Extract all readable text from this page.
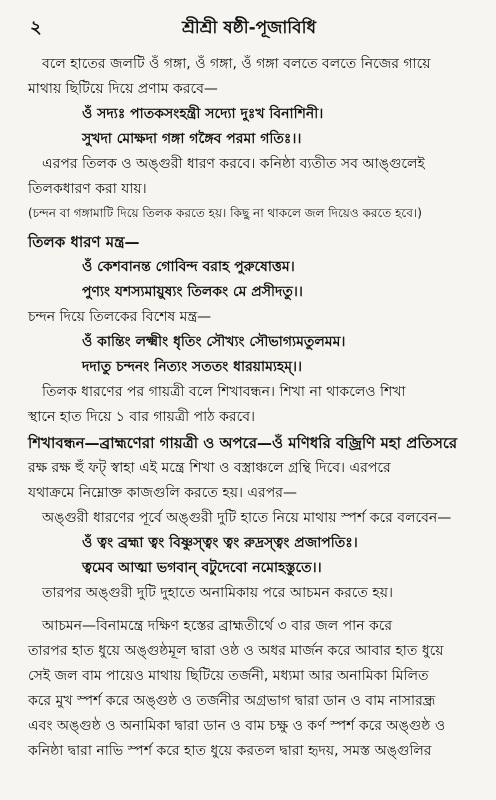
২	শ্রীশ্রী ষষ্ঠী-পূজাবিধি
বলে হাতের জলটি ওঁ গঙ্গা, ওঁ গঙ্গা, ওঁ গঙ্গা বলতে বলতে নিজের গায়ে
মাথায় ছিটিয়ে দিয়ে প্রণাম করবে—
ওঁ সদ্যঃ পাতকসংহন্ত্রী সদ্যো দুঃখ বিনাশিনী।
সুখদা মোক্ষদা গঙ্গা গঙ্গৈব পরমা গতিঃ।।
এরপর তিলক ও অঙ্গুরী ধারণ করবে। কনিষ্ঠা ব্যতীত সব আঙ্গুলেই
তিলকধারণ করা যায়।
(চন্দন বা গঙ্গামাটি দিয়ে তিলক করতে হয়। কিছু না থাকলে জল দিয়েও করতে হবে।)
তিলক ধারণ মন্ত্র—
ওঁ কেশবানন্ত গোবিন্দ বরাহ পুরুষোত্তম।
পুণ্যং যশস্যমায়ুষ্যং তিলকং মে প্রসীদতু।।
চন্দন দিয়ে তিলকের বিশেষ মন্ত্র—
ওঁ কান্তিং লক্ষ্মীং ধৃতিং সৌখ্যং সৌভাগ্যমতুলমম।
দদাতু চন্দনং নিত্যং সততং ধারয়াম্যহম্।।
তিলক ধারণের পর গায়ত্রী বলে শিখাবন্ধন। শিখা না থাকলেও শিখা
স্থানে হাত দিয়ে ১ বার গায়ত্রী পাঠ করবে।
শিখাবন্ধন—ব্রাহ্মণেরা গায়ত্রী ও অপরে—ওঁ মণিধরি বজ্রিণি মহা প্রতিসরে
রক্ষ রক্ষ হুঁ ফট্ স্বাহা এই মন্ত্রে শিখা ও বস্ত্রাঞ্চলে গ্রন্থি দিবে। এরপরে
যথাক্রমে নিম্নোক্ত কাজগুলি করতে হয়। এরপর—
অঙ্গুরী ধারণের পূর্বে অঙ্গুরী দুটি হাতে নিয়ে মাথায় স্পর্শ করে বলবেন—
ওঁ ত্বং ব্রহ্মা ত্বং বিষ্ণুস্ত্বং ত্বং রুদ্রস্ত্বং প্রজাপতিঃ।
ত্বমেব আত্মা ভগবান্ বটুদেবো নমোহস্তুতে।।
তারপর অঙ্গুরী দুটি দুহাতে অনামিকায় পরে আচমন করতে হয়।
আচমন—বিনামন্ত্রে দক্ষিণ হস্তের ব্রাহ্মতীর্থে ৩ বার জল পান করে
তারপর হাত ধুয়ে অঙ্গুষ্ঠমূল দ্বারা ওষ্ঠ ও অধর মার্জন করে আবার হাত ধুয়ে
সেই জল বাম পায়েও মাথায় ছিটিয়ে তর্জনী, মধ্যমা আর অনামিকা মিলিত
করে মুখ স্পর্শ করে অঙ্গুষ্ঠ ও তর্জনীর অগ্রভাগ দ্বারা ডান ও বাম নাসারন্ধ্র
এবং অঙ্গুষ্ঠ ও অনামিকা দ্বারা ডান ও বাম চক্ষু ও কর্ণ স্পর্শ করে অঙ্গুষ্ঠ ও
কনিষ্ঠা দ্বারা নাভি স্পর্শ করে হাত ধুয়ে করতল দ্বারা হৃদয়, সমস্ত অঙ্গুলির
